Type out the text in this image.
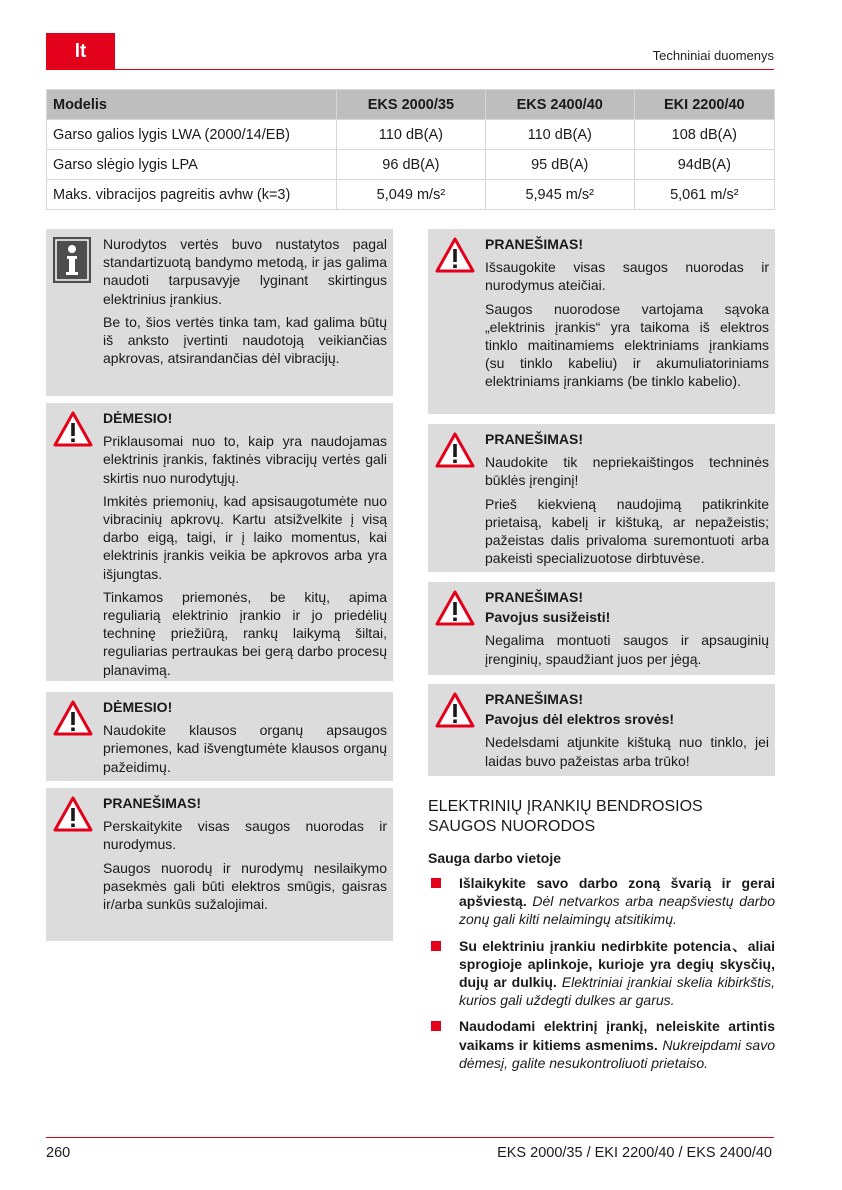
lt	Techniniai duomenys
Modelis	EKS 2000/35	EKS 2400/40	EKI 2200/40
Garso galios lygis LWA (2000/14/EB)	110 dB(A)	110 dB(A)	108 dB(A)
Garso slėgio lygis LPA	96 dB(A)	95 dB(A)	94dB(A)
Maks. vibracijos pagreitis avhw (k=3)	5,049 m/s²	5,945 m/s²	5,061 m/s²

Nurodytos vertės buvo nustatytos pagal standartizuotą bandymo metodą, ir jas galima naudoti tarpusavyje lyginant skirtingus elektrinius įrankius.

Be to, šios vertės tinka tam, kad galima būtų iš anksto įvertinti naudotoją veikiančias apkrovas, atsirandančias dėl vibracijų.

DĖMESIO!

Priklausomai nuo to, kaip yra naudojamas elektrinis įrankis, faktinės vibracijų vertės gali skirtis nuo nurodytųjų.

Imkitės priemonių, kad apsisaugotumėte nuo vibracinių apkrovų. Kartu atsižvelkite į visą darbo eigą, taigi, ir į laiko momentus, kai elektrinis įrankis veikia be apkrovos arba yra išjungtas.

Tinkamos priemonės, be kitų, apima reguliarią elektrinio įrankio ir jo priedėlių techninę priežiūrą, rankų laikymą šiltai, reguliarias pertraukas bei gerą darbo procesų planavimą.

DĖMESIO!

Naudokite klausos organų apsaugos priemones, kad išvengtumėte klausos organų pažeidimų.

PRANEŠIMAS!

Perskaitykite visas saugos nuorodas ir nurodymus.

Saugos nuorodų ir nurodymų nesilaikymo pasekmės gali būti elektros smūgis, gaisras ir/arba sunkūs sužalojimai.

PRANEŠIMAS!

Išsaugokite visas saugos nuorodas ir nurodymus ateičiai.

Saugos nuorodose vartojama sąvoka „elektrinis įrankis“ yra taikoma iš elektros tinklo maitinamiems elektriniams įrankiams (su tinklo kabeliu) ir akumuliatoriniams elektriniams įrankiams (be tinklo kabelio).

PRANEŠIMAS!

Naudokite tik nepriekaištingos techninės būklės įrenginį!

Prieš kiekvieną naudojimą patikrinkite prietaisą, kabelį ir kištuką, ar nepažeistis; pažeistas dalis privaloma suremontuoti arba pakeisti specializuotose dirbtuvėse.

PRANEŠIMAS!

Pavojus susižeisti!

Negalima montuoti saugos ir apsauginių įrenginių, spaudžiant juos per jėgą.

PRANEŠIMAS!

Pavojus dėl elektros srovės!

Nedelsdami atjunkite kištuką nuo tinklo, jei laidas buvo pažeistas arba trūko!

ELEKTRINIŲ ĮRANKIŲ BENDROSIOS SAUGOS NUORODOS
Sauga darbo vietoje
Išlaikykite savo darbo zoną švarią ir gerai apšviestą. Dėl netvarkos arba neapšviestų darbo zonų gali kilti nelaimingų atsitikimų.
Su elektriniu įrankiu nedirbkite potencia、aliai sprogioje aplinkoje, kurioje yra degių skysčių, dujų ar dulkių. Elektriniai įrankiai skelia kibirkštis, kurios gali uždegti dulkes ar garus.
Naudodami elektrinį įrankį, neleiskite artintis vaikams ir kitiems asmenims. Nukreipdami savo dėmesį, galite nesukontroliuoti prietaiso.
260	EKS 2000/35 / EKI 2200/40 / EKS 2400/40
